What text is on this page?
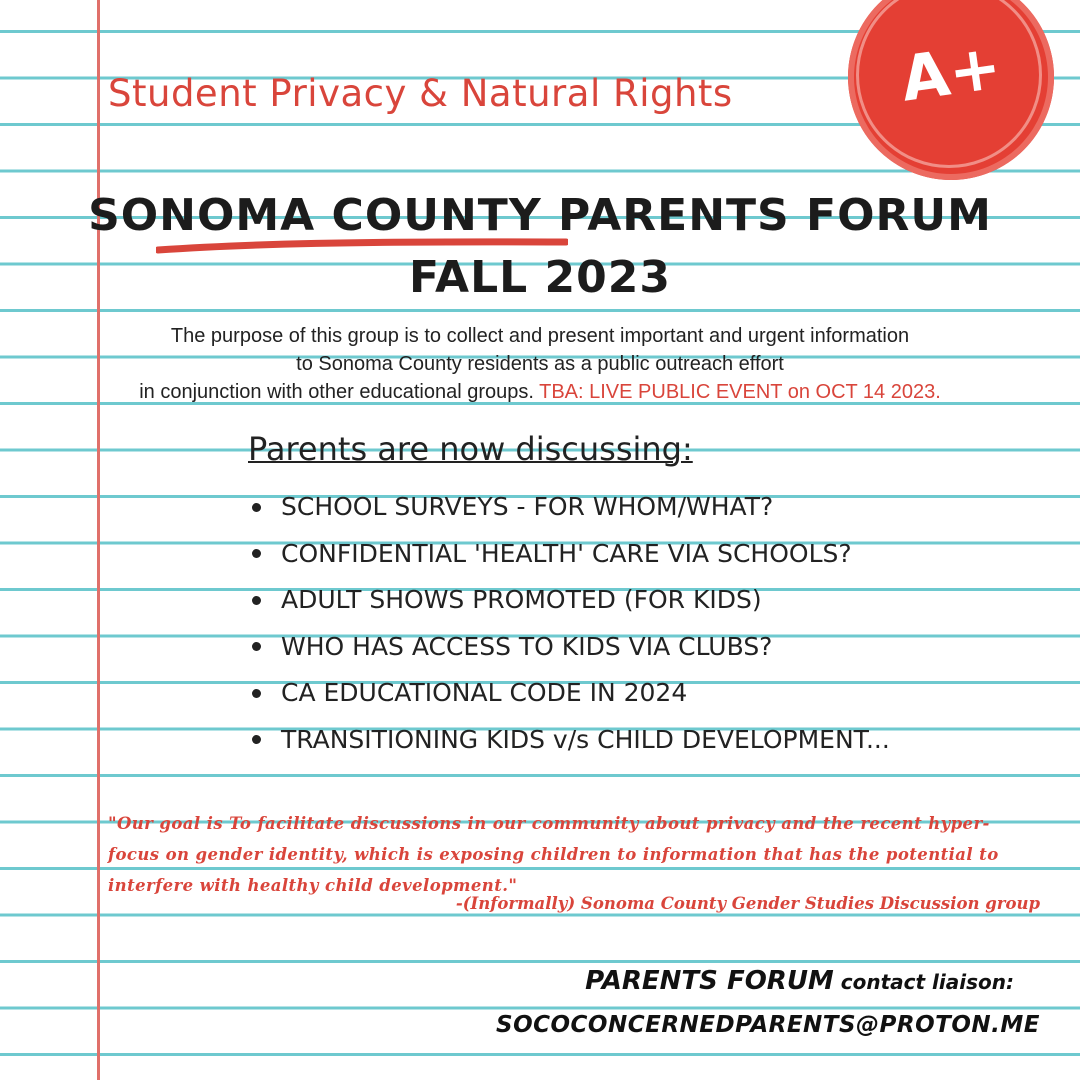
Student Privacy & Natural Rights	A+
SONOMA COUNTY PARENTS FORUM
FALL 2023
The purpose of this group is to collect and present important and urgent information
to Sonoma County residents as a public outreach effort
in conjunction with other educational groups. TBA: LIVE PUBLIC EVENT on OCT 14 2023.
Parents are now discussing:
SCHOOL SURVEYS - FOR WHOM/WHAT?
CONFIDENTIAL 'HEALTH' CARE VIA SCHOOLS?
ADULT SHOWS PROMOTED (FOR KIDS)
WHO HAS ACCESS TO KIDS VIA CLUBS?
CA EDUCATIONAL CODE IN 2024
TRANSITIONING KIDS v/s CHILD DEVELOPMENT...
"Our goal is To facilitate discussions in our community about privacy and the recent hyper-focus on gender identity, which is exposing children to information that has the potential to interfere with healthy child development."
-(Informally) Sonoma County Gender Studies Discussion group
PARENTS FORUM contact liaison:
SOCOCONCERNEDPARENTS@PROTON.ME
